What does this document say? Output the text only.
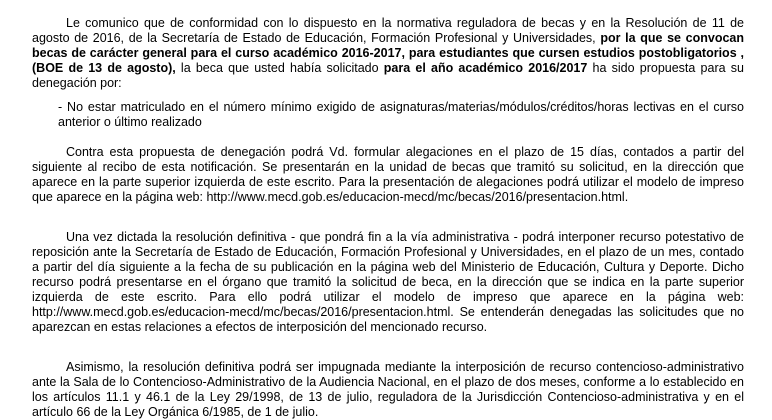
Le comunico que de conformidad con lo dispuesto en la normativa reguladora de becas y en la Resolución de 11 de agosto de 2016, de la Secretaría de Estado de Educación, Formación Profesional y Universidades, por la que se convocan becas de carácter general para el curso académico 2016-2017, para estudiantes que cursen estudios postobligatorios , (BOE de 13 de agosto), la beca que usted había solicitado para el año académico 2016/2017 ha sido propuesta para su denegación por:

- No estar matriculado en el número mínimo exigido de asignaturas/materias/módulos/créditos/horas lectivas en el curso anterior o último realizado

Contra esta propuesta de denegación podrá Vd. formular alegaciones en el plazo de 15 días, contados a partir del siguiente al recibo de esta notificación. Se presentarán en la unidad de becas que tramitó su solicitud, en la dirección que aparece en la parte superior izquierda de este escrito. Para la presentación de alegaciones podrá utilizar el modelo de impreso que aparece en la página web: http://www.mecd.gob.es/educacion-mecd/mc/becas/2016/presentacion.html.

Una vez dictada la resolución definitiva - que pondrá fin a la vía administrativa - podrá interponer recurso potestativo de reposición ante la Secretaría de Estado de Educación, Formación Profesional y Universidades, en el plazo de un mes, contado a partir del día siguiente a la fecha de su publicación en la página web del Ministerio de Educación, Cultura y Deporte. Dicho recurso podrá presentarse en el órgano que tramitó la solicitud de beca, en la dirección que se indica en la parte superior izquierda de este escrito. Para ello podrá utilizar el modelo de impreso que aparece en la página web: http://www.mecd.gob.es/educacion-mecd/mc/becas/2016/presentacion.html. Se entenderán denegadas las solicitudes que no aparezcan en estas relaciones a efectos de interposición del mencionado recurso.

Asimismo, la resolución definitiva podrá ser impugnada mediante la interposición de recurso contencioso-administrativo ante la Sala de lo Contencioso-Administrativo de la Audiencia Nacional, en el plazo de dos meses, conforme a lo establecido en los artículos 11.1 y 46.1 de la Ley 29/1998, de 13 de julio, reguladora de la Jurisdicción Contencioso-administrativa y en el artículo 66 de la Ley Orgánica 6/1985, de 1 de julio.
